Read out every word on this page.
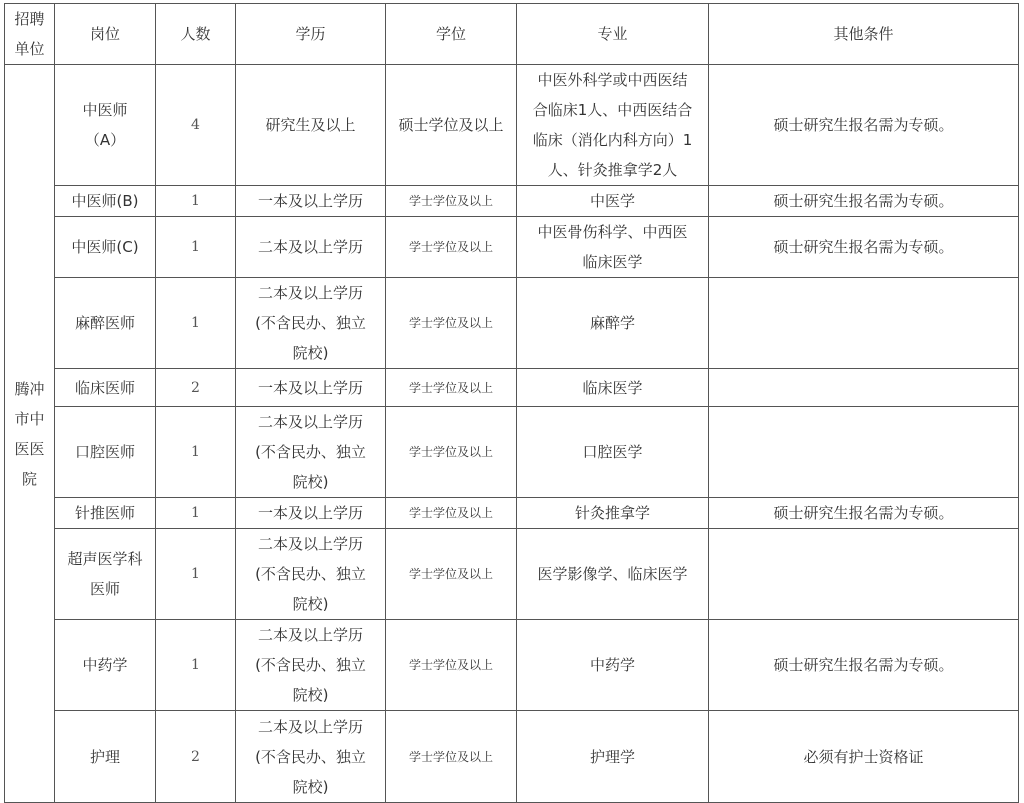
招聘
单位	岗位	人数	学历	学位	专业	其他条件

腾冲
市中
医医
院	中医师
（A）	4	研究生及以上	硕士学位及以上	中医外科学或中西医结
合临床1人、中西医结合
临床（消化内科方向）1
人、针灸推拿学2人	硕士研究生报名需为专硕。
	中医师(B)	1	一本及以上学历	学士学位及以上	中医学	硕士研究生报名需为专硕。
	中医师(C)	1	二本及以上学历	学士学位及以上	中医骨伤科学、中西医
临床医学	硕士研究生报名需为专硕。
	麻醉医师	1	二本及以上学历
(不含民办、独立
院校)	学士学位及以上	麻醉学	
	临床医师	2	一本及以上学历	学士学位及以上	临床医学	
	口腔医师	1	二本及以上学历
(不含民办、独立
院校)	学士学位及以上	口腔医学	
	针推医师	1	一本及以上学历	学士学位及以上	针灸推拿学	硕士研究生报名需为专硕。

	超声医学科
医师	1	二本及以上学历
(不含民办、独立
院校)	学士学位及以上	医学影像学、临床医学	
	中药学	1	二本及以上学历
(不含民办、独立
院校)	学士学位及以上	中药学	硕士研究生报名需为专硕。
	护理	2	二本及以上学历
(不含民办、独立
院校)	学士学位及以上	护理学	必须有护士资格证
